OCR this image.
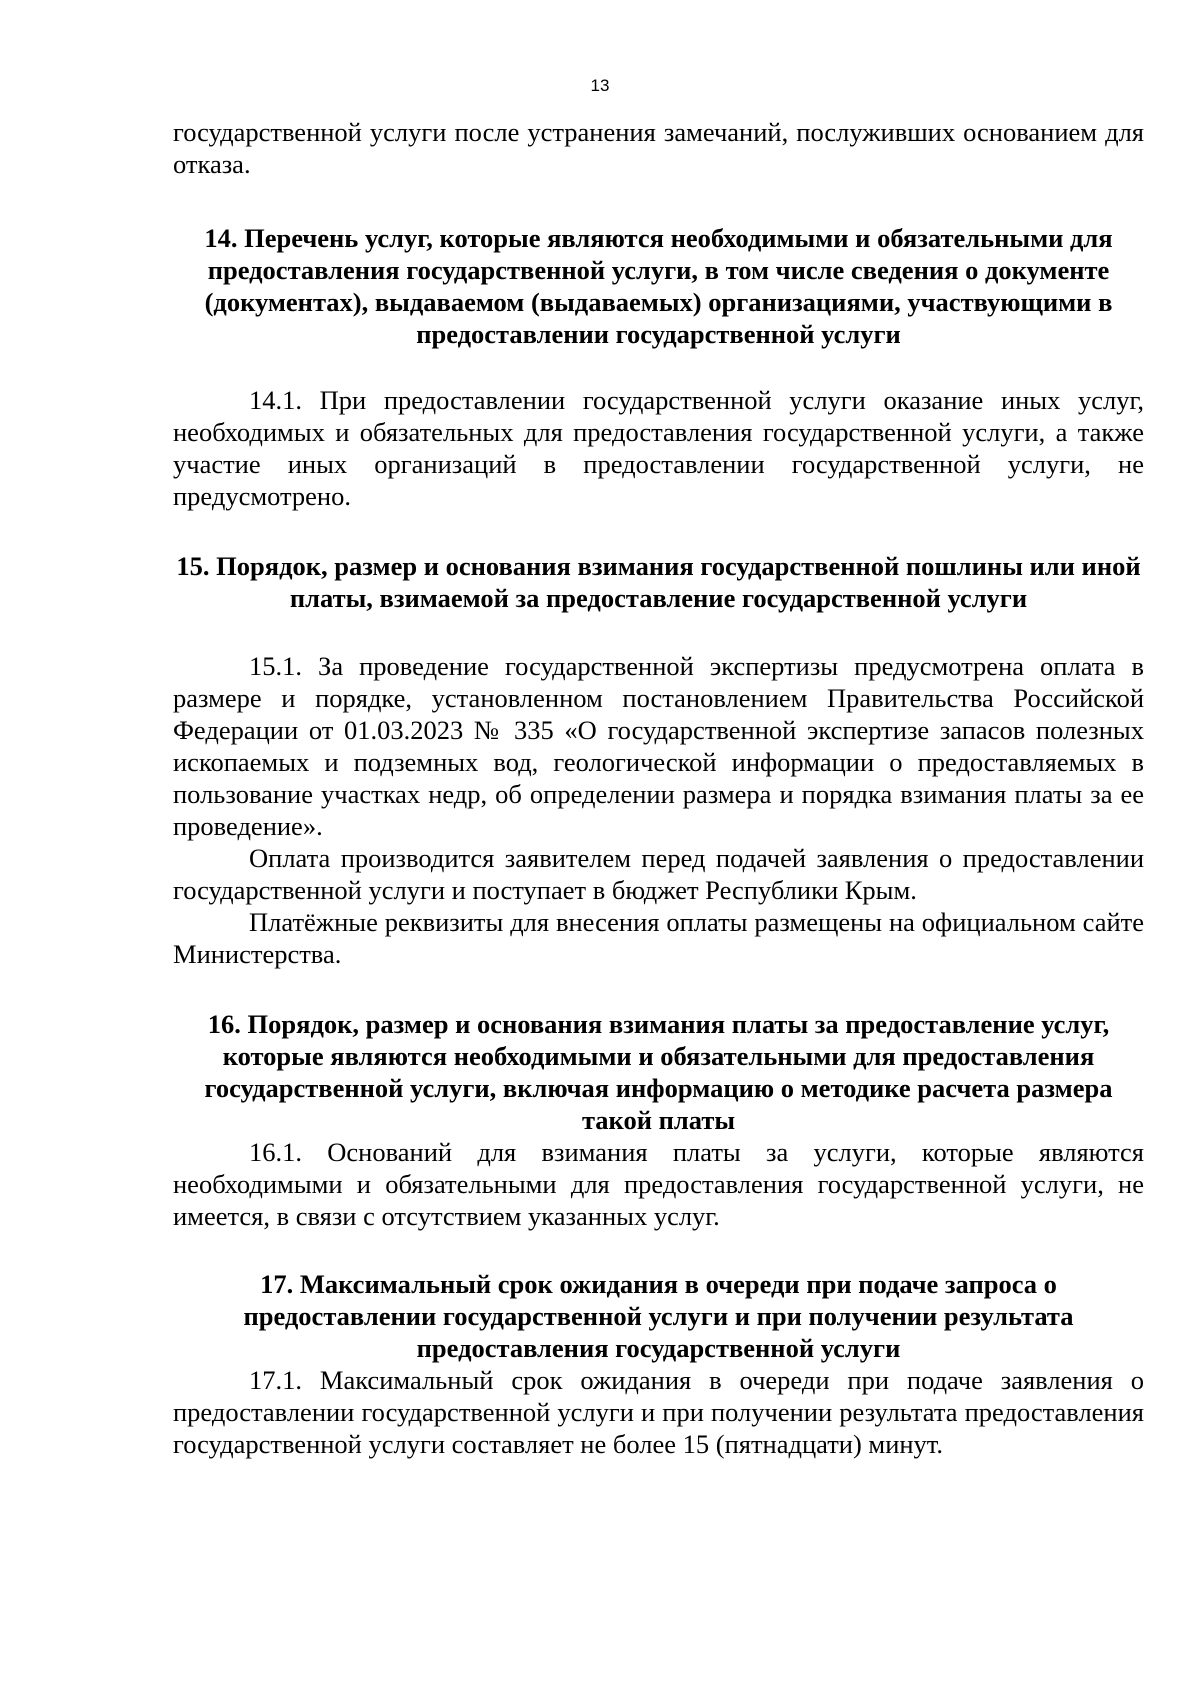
13

государственной услуги после устранения замечаний, послуживших основанием для отказа.

14. Перечень услуг, которые являются необходимыми и обязательными для предоставления государственной услуги, в том числе сведения о документе (документах), выдаваемом (выдаваемых) организациями, участвующими в предоставлении государственной услуги

14.1. При предоставлении государственной услуги оказание иных услуг, необходимых и обязательных для предоставления государственной услуги, а также участие иных организаций в предоставлении государственной услуги, не предусмотрено.

15. Порядок, размер и основания взимания государственной пошлины или иной платы, взимаемой за предоставление государственной услуги

15.1. За проведение государственной экспертизы предусмотрена оплата в размере и порядке, установленном постановлением Правительства Российской Федерации от 01.03.2023 № 335 «О государственной экспертизе запасов полезных ископаемых и подземных вод, геологической информации о предоставляемых в пользование участках недр, об определении размера и порядка взимания платы за ее проведение».

Оплата производится заявителем перед подачей заявления о предоставлении государственной услуги и поступает в бюджет Республики Крым.

Платёжные реквизиты для внесения оплаты размещены на официальном сайте Министерства.

16. Порядок, размер и основания взимания платы за предоставление услуг, которые являются необходимыми и обязательными для предоставления государственной услуги, включая информацию о методике расчета размера такой платы

16.1. Оснований для взимания платы за услуги, которые являются необходимыми и обязательными для предоставления государственной услуги, не имеется, в связи с отсутствием указанных услуг.

17. Максимальный срок ожидания в очереди при подаче запроса о предоставлении государственной услуги и при получении результата предоставления государственной услуги

17.1. Максимальный срок ожидания в очереди при подаче заявления о предоставлении государственной услуги и при получении результата предоставления государственной услуги составляет не более 15 (пятнадцати) минут.
